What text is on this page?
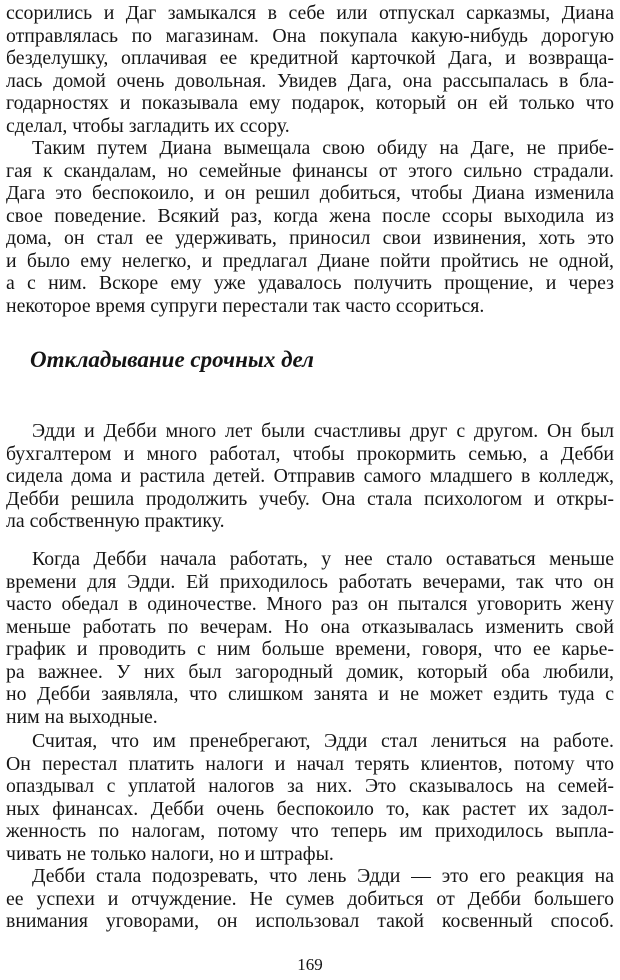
ссорились и Даг замыкался в себе или отпускал сарказмы, Диана
отправлялась по магазинам. Она покупала какую-нибудь дорогую
безделушку, оплачивая ее кредитной карточкой Дага, и возвраща-
лась домой очень довольная. Увидев Дага, она рассыпалась в бла-
годарностях и показывала ему подарок, который он ей только что
сделал, чтобы загладить их ссору.
Таким путем Диана вымещала свою обиду на Даге, не прибе-
гая к скандалам, но семейные финансы от этого сильно страдали.
Дага это беспокоило, и он решил добиться, чтобы Диана изменила
свое поведение. Всякий раз, когда жена после ссоры выходила из
дома, он стал ее удерживать, приносил свои извинения, хоть это
и было ему нелегко, и предлагал Диане пойти пройтись не одной,
а с ним. Вскоре ему уже удавалось получить прощение, и через
некоторое время супруги перестали так часто ссориться.
Откладывание срочных дел
Эдди и Дебби много лет были счастливы друг с другом. Он был
бухгалтером и много работал, чтобы прокормить семью, а Дебби
сидела дома и растила детей. Отправив самого младшего в колледж,
Дебби решила продолжить учебу. Она стала психологом и откры-
ла собственную практику.
Когда Дебби начала работать, у нее стало оставаться меньше
времени для Эдди. Ей приходилось работать вечерами, так что он
часто обедал в одиночестве. Много раз он пытался уговорить жену
меньше работать по вечерам. Но она отказывалась изменить свой
график и проводить с ним больше времени, говоря, что ее карье-
ра важнее. У них был загородный домик, который оба любили,
но Дебби заявляла, что слишком занята и не может ездить туда с
ним на выходные.
Считая, что им пренебрегают, Эдди стал лениться на работе.
Он перестал платить налоги и начал терять клиентов, потому что
опаздывал с уплатой налогов за них. Это сказывалось на семей-
ных финансах. Дебби очень беспокоило то, как растет их задол-
женность по налогам, потому что теперь им приходилось выпла-
чивать не только налоги, но и штрафы.
Дебби стала подозревать, что лень Эдди — это его реакция на
ее успехи и отчуждение. Не сумев добиться от Дебби большего
внимания уговорами, он использовал такой косвенный способ.
169
